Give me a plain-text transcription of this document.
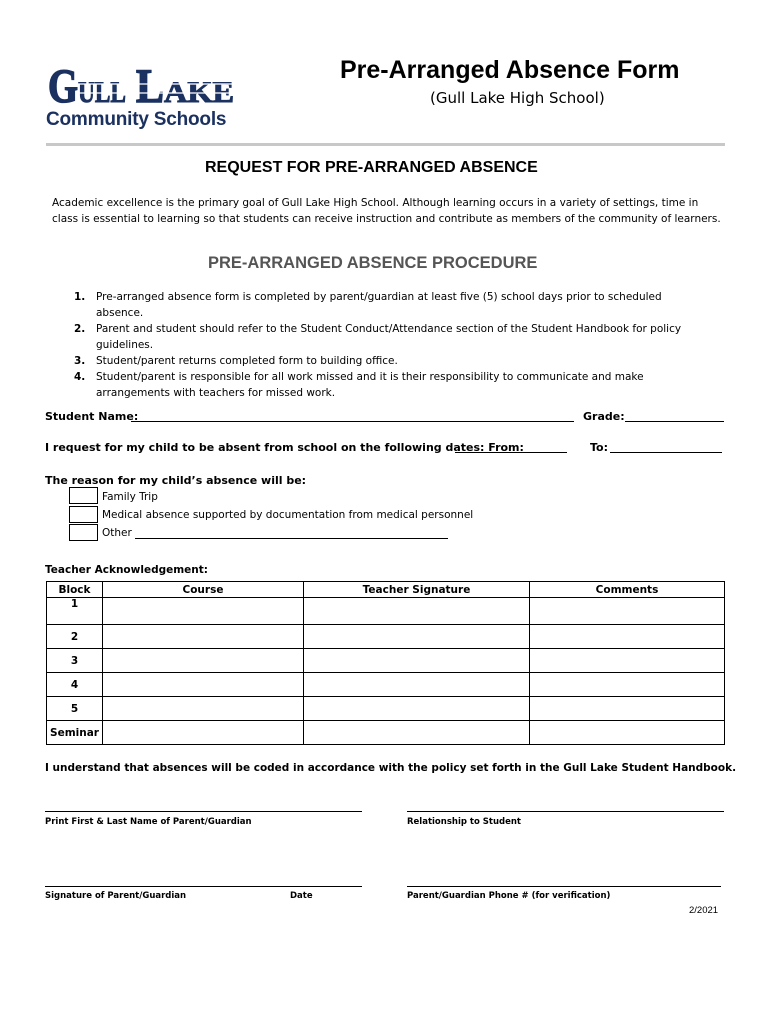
G ULL L AKE
Community Schools
Pre-Arranged Absence Form
(Gull Lake High School)
REQUEST FOR PRE-ARRANGED ABSENCE
Academic excellence is the primary goal of Gull Lake High School. Although learning occurs in a variety of settings, time in class is essential to learning so that students can receive instruction and contribute as members of the community of learners.
PRE-ARRANGED ABSENCE PROCEDURE
1. Pre-arranged absence form is completed by parent/guardian at least five (5) school days prior to scheduled absence.
2. Parent and student should refer to the Student Conduct/Attendance section of the Student Handbook for policy guidelines.
3. Student/parent returns completed form to building office.
4. Student/parent is responsible for all work missed and it is their responsibility to communicate and make arrangements with teachers for missed work.
Student Name:	Grade:
I request for my child to be absent from school on the following dates: From:	To:
The reason for my child’s absence will be:
Family Trip
Medical absence supported by documentation from medical personnel
Other
Teacher Acknowledgement:
Block	Course	Teacher Signature	Comments
1			
2			
3			
4			
5			
Seminar			
I understand that absences will be coded in accordance with the policy set forth in the Gull Lake Student Handbook.
Print First & Last Name of Parent/Guardian	Relationship to Student
Signature of Parent/Guardian	Date	Parent/Guardian Phone # (for verification)
2/2021
